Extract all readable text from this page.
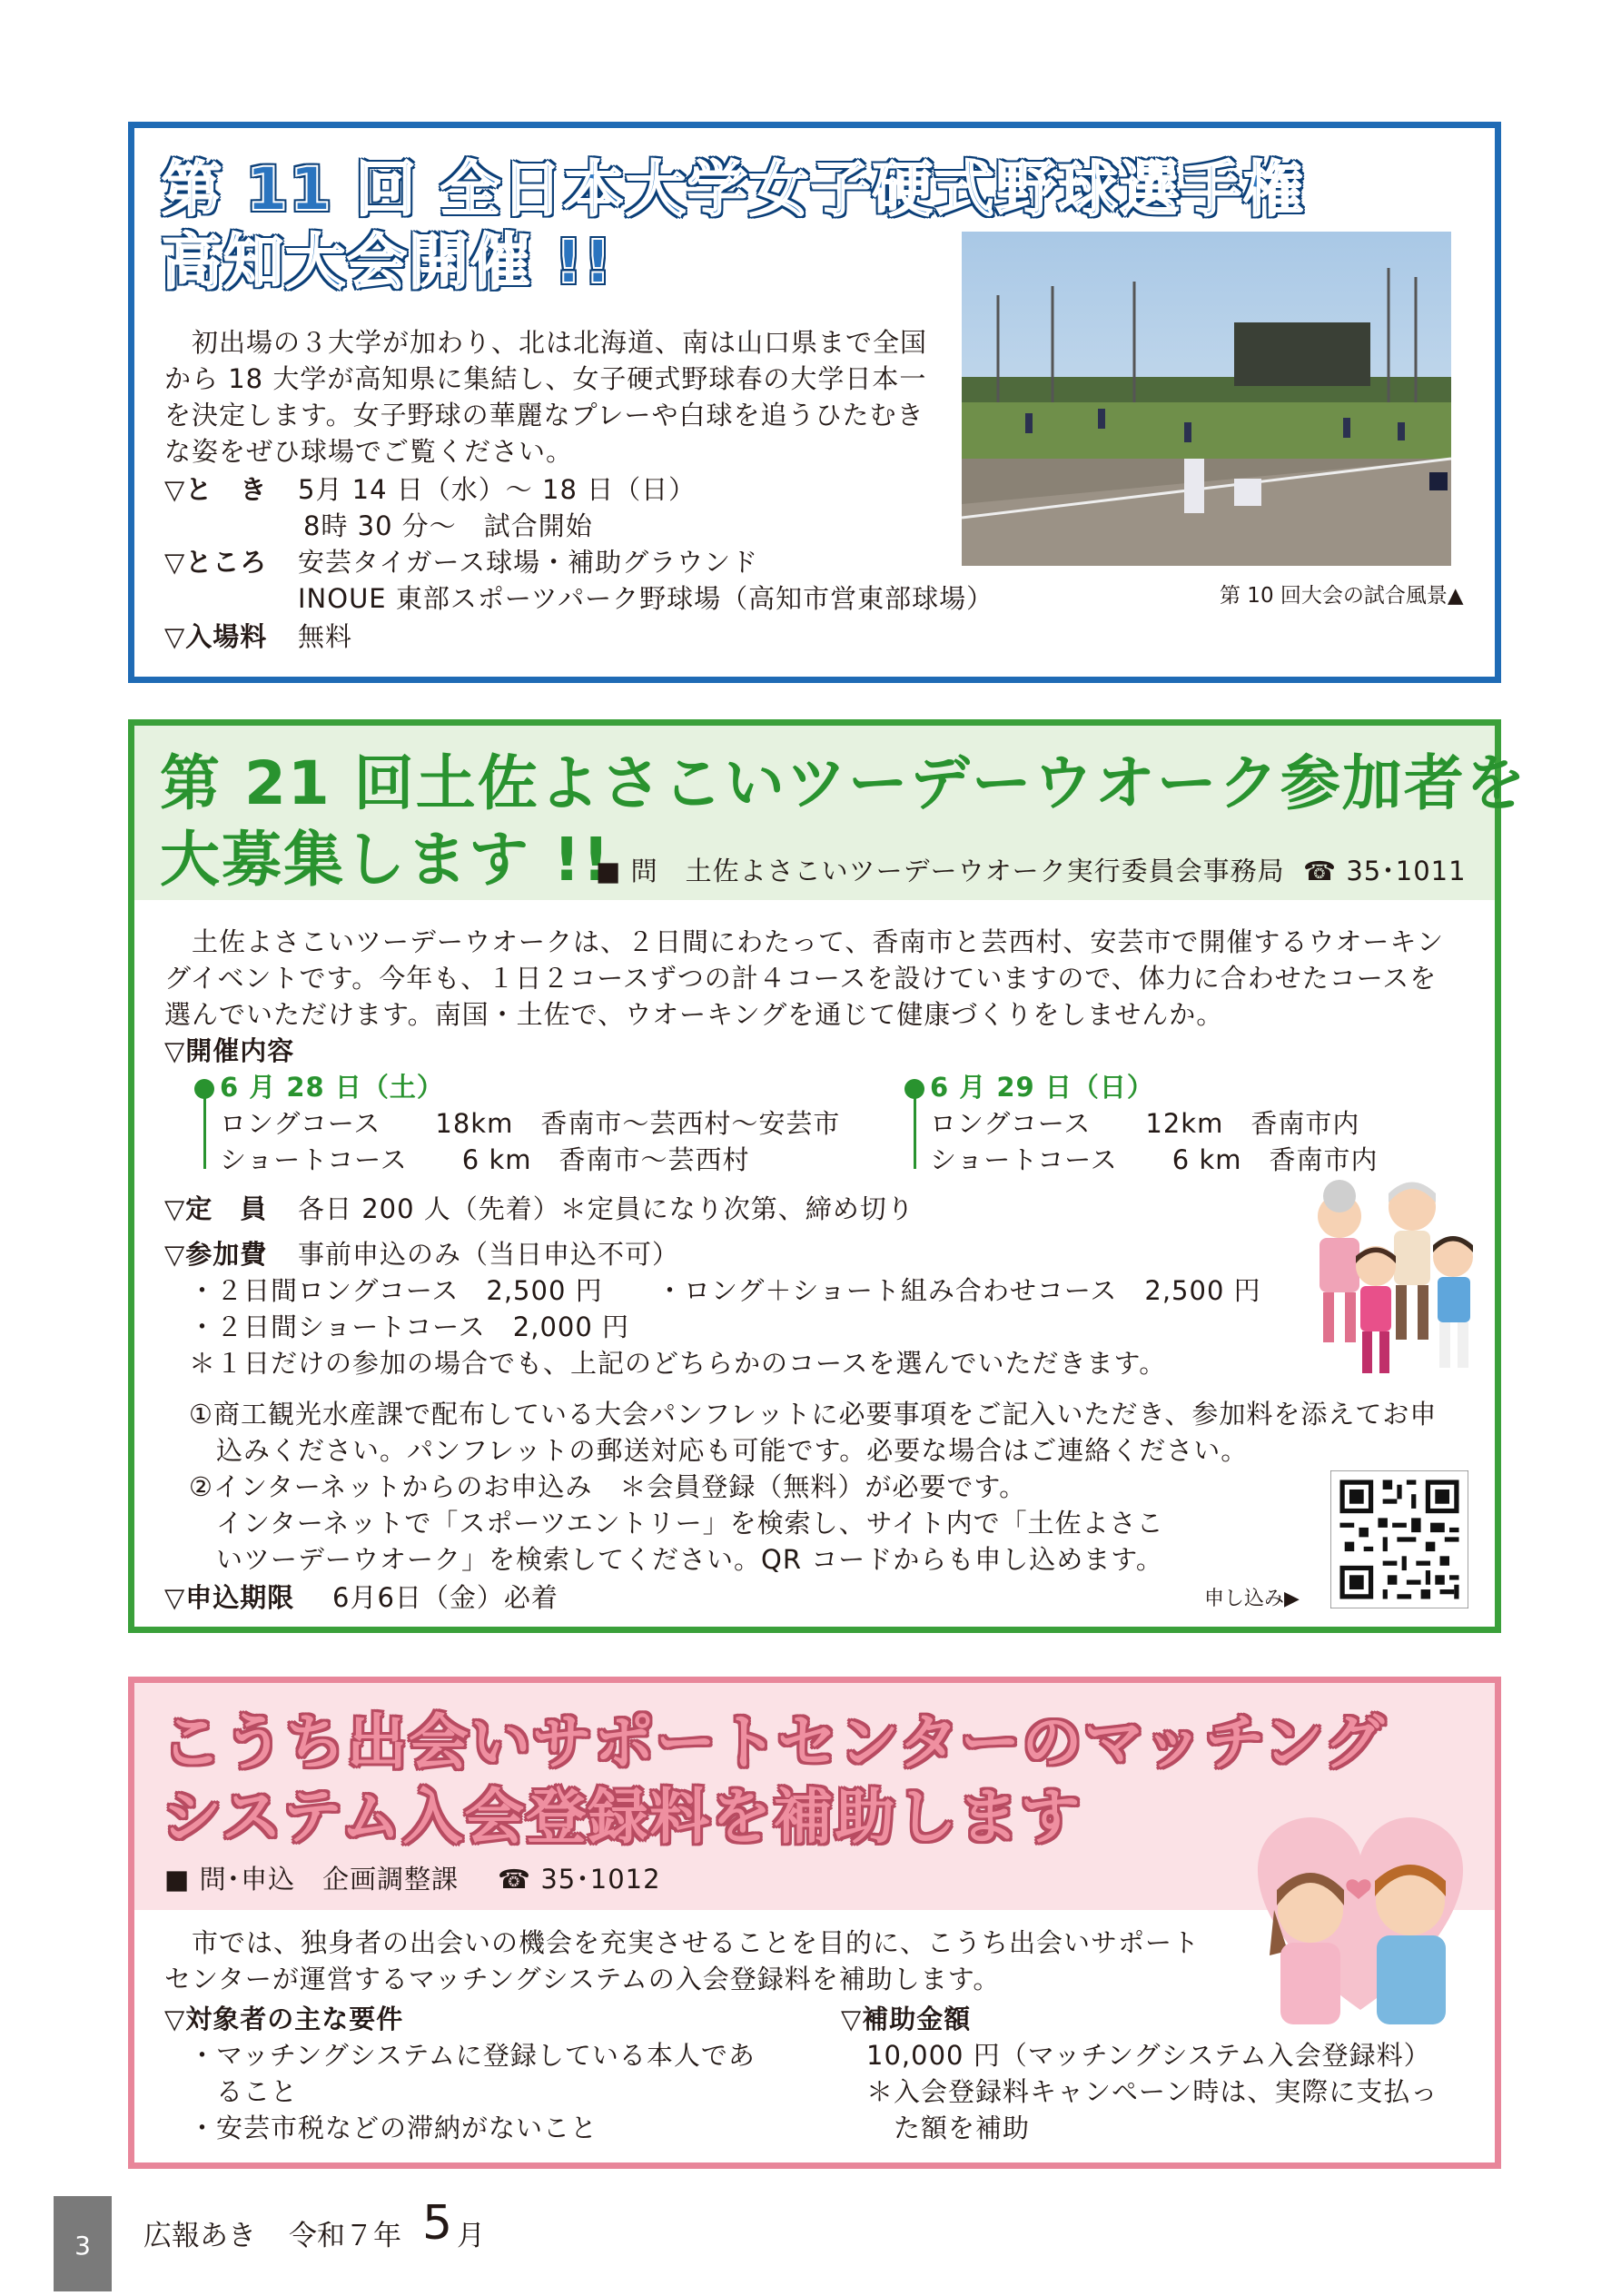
第 11 回 全日本大学女子硬式野球選手権
高知大会開催 !!
　初出場の３大学が加わり、北は北海道、南は山口県まで全国
から 18 大学が高知県に集結し、女子硬式野球春の大学日本一
を決定します。女子野球の華麗なプレーや白球を追うひたむき
な姿をぜひ球場でご覧ください。
▽と　き 5月 14 日（水）～ 18 日（日）
8時 30 分～　試合開始
▽ところ 安芸タイガース球場・補助グラウンド
INOUE 東部スポーツパーク野球場（高知市営東部球場）
▽入場料 無料
第 10 回大会の試合風景▲
第 21 回土佐よさこいツーデーウオーク参加者を
大募集します !!
■ 問　土佐よさこいツーデーウオーク実行委員会事務局 ☎ 35･1011
　土佐よさこいツーデーウオークは、２日間にわたって、香南市と芸西村、安芸市で開催するウオーキン
グイベントです。今年も、１日２コースずつの計４コースを設けていますので、体力に合わせたコースを
選んでいただけます。南国・土佐で、ウオーキングを通じて健康づくりをしませんか。
▽開催内容
6 月 28 日（土）
ロングコース　　18km　香南市～芸西村～安芸市
ショートコース　　6 km　香南市～芸西村
6 月 29 日（日）
ロングコース　　12km　香南市内
ショートコース　　6 km　香南市内
▽定　員 各日 200 人（先着）＊定員になり次第、締め切り
▽参加費 事前申込のみ（当日申込不可）
・２日間ロングコース　2,500 円 ・ロング＋ショート組み合わせコース　2,500 円
・２日間ショートコース　2,000 円
＊１日だけの参加の場合でも、上記のどちらかのコースを選んでいただきます。
①商工観光水産課で配布している大会パンフレットに必要事項をご記入いただき、参加料を添えてお申
　込みください。パンフレットの郵送対応も可能です。必要な場合はご連絡ください。
②インターネットからのお申込み　＊会員登録（無料）が必要です。
　インターネットで「スポーツエントリー」を検索し、サイト内で「土佐よさこ
　いツーデーウオーク」を検索してください。QR コードからも申し込めます。
▽申込期限 6月6日（金）必着	申し込み▶
こうち出会いサポートセンターのマッチング
システム入会登録料を補助します
■ 問･申込　企画調整課 ☎ 35･1012
　市では、独身者の出会いの機会を充実させることを目的に、こうち出会いサポート
センターが運営するマッチングシステムの入会登録料を補助します。
▽対象者の主な要件
・マッチングシステムに登録している本人であ
　ること
・安芸市税などの滞納がないこと
▽補助金額
10,000 円（マッチングシステム入会登録料）
＊入会登録料キャンペーン時は、実際に支払っ
　た額を補助
3	広報あき 令和７年 5 月
